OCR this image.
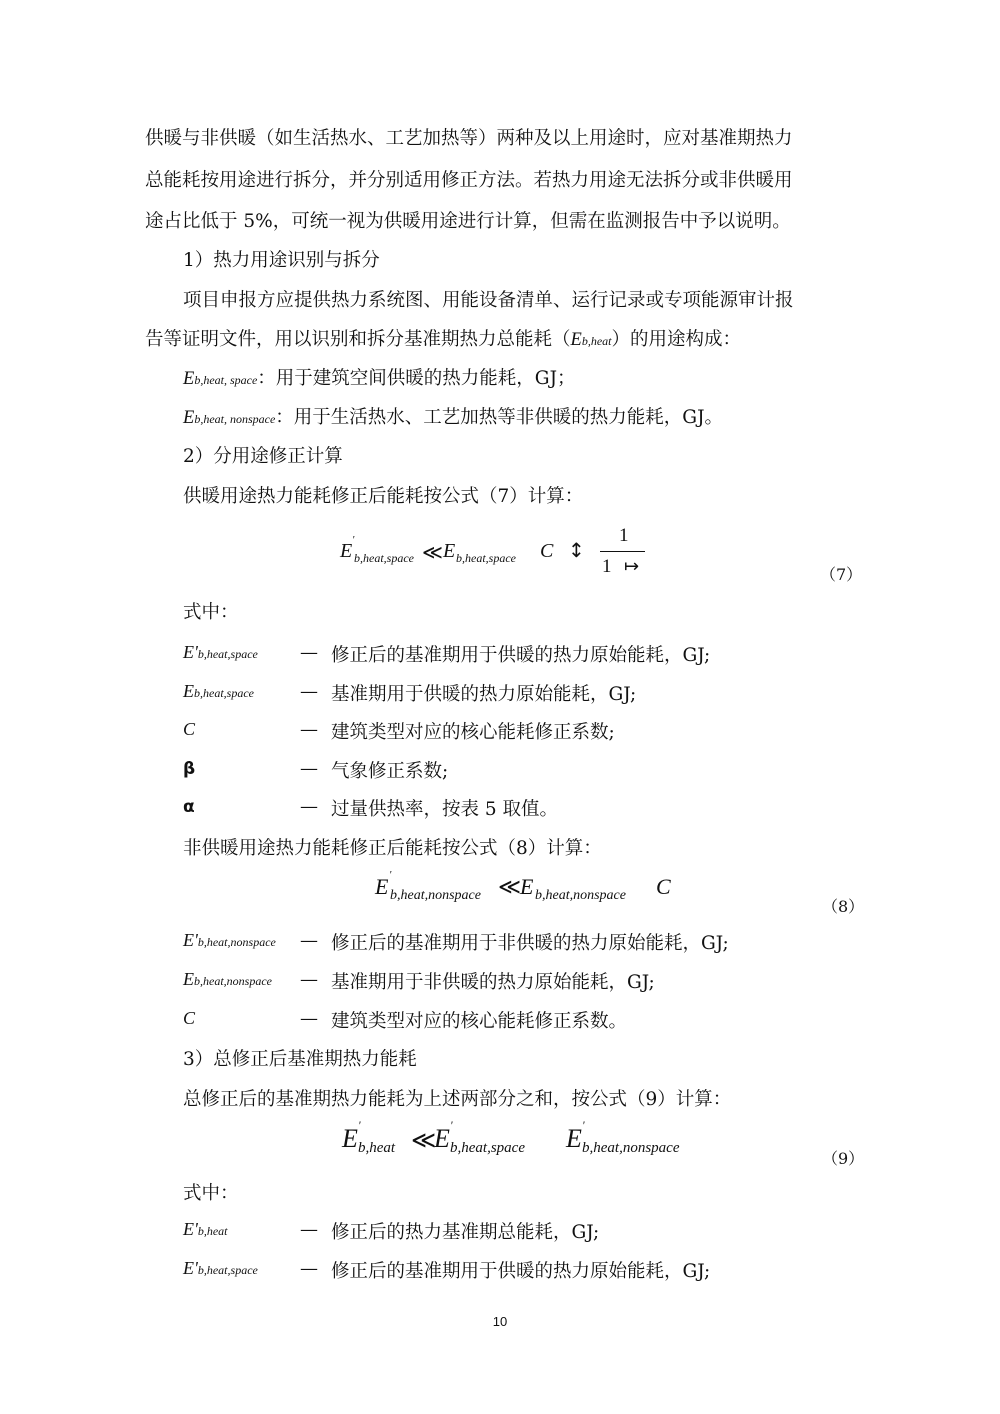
供暖与非供暖（如生活热水、工艺加热等）两种及以上用途时，应对基准期热力
总能耗按用途进行拆分，并分别适用修正方法。若热力用途无法拆分或非供暖用
途占比低于 5%，可统一视为供暖用途进行计算，但需在监测报告中予以说明。
1）热力用途识别与拆分
项目申报方应提供热力系统图、用能设备清单、运行记录或专项能源审计报
告等证明文件，用以识别和拆分基准期热力总能耗（Eb,heat）的用途构成：
Eb,heat, space：用于建筑空间供暖的热力能耗，GJ；
Eb,heat, nonspace：用于生活热水、工艺加热等非供暖的热力能耗，GJ。
2）分用途修正计算
供暖用途热力能耗修正后能耗按公式（7）计算：
E '
b,heat,space ≪ E b,heat,space C ↕
1
1 ↦	（7）
式中：
E'b,heat,space — 修正后的基准期用于供暖的热力原始能耗，GJ;
Eb,heat,space	— 基准期用于供暖的热力原始能耗，GJ;
C	— 建筑类型对应的核心能耗修正系数;
β	— 气象修正系数;
α	— 过量供热率，按表 5 取值。
非供暖用途热力能耗修正后能耗按公式（8）计算：
E '
b,heat,nonspace ≪
E b,heat,nonspace C
（8）
E'b,heat,nonspace — 修正后的基准期用于非供暖的热力原始能耗，GJ;
Eb,heat,nonspace — 基准期用于非供暖的热力原始能耗，GJ;
C	— 建筑类型对应的核心能耗修正系数。
3）总修正后基准期热力能耗
总修正后的基准期热力能耗为上述两部分之和，按公式（9）计算：
E '
b,heat ≪
E '
b,heat,space E '
b,heat,nonspace
（9）
式中：
E'b,heat	— 修正后的热力基准期总能耗，GJ;
E'b,heat,space — 修正后的基准期用于供暖的热力原始能耗，GJ;
10
